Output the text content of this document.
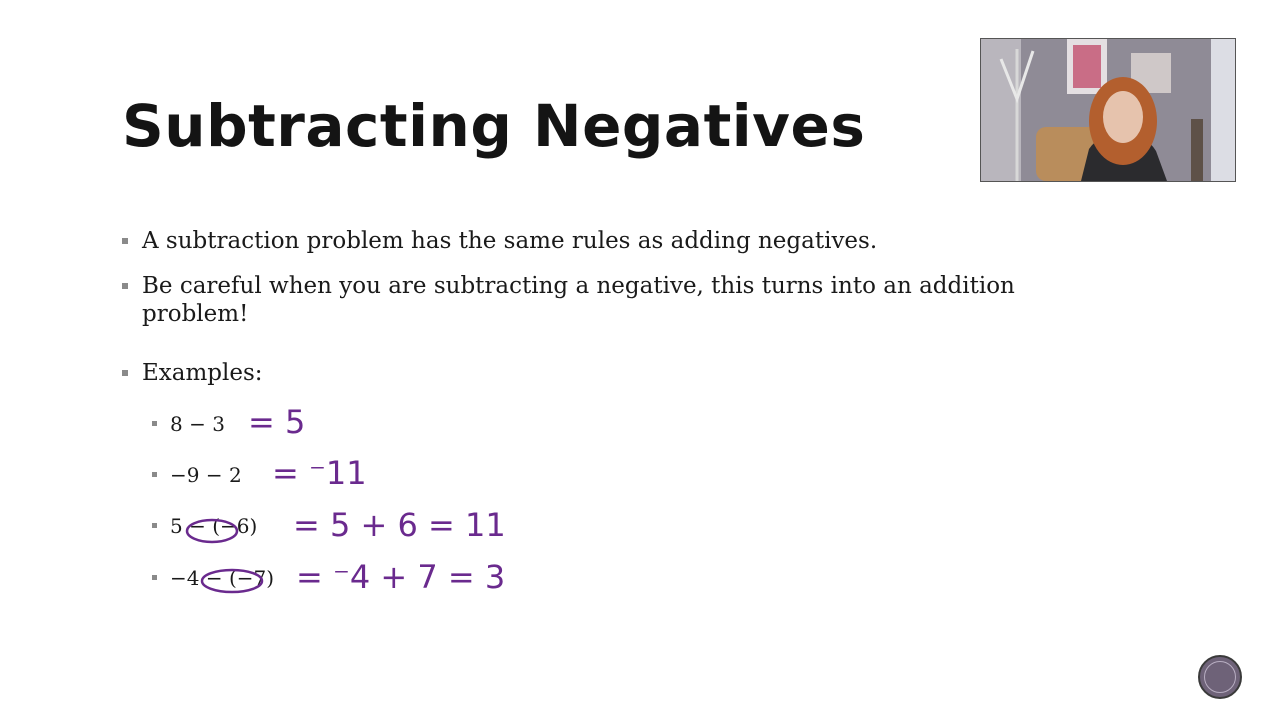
Subtracting Negatives
A subtraction problem has the same rules as adding negatives.
Be careful when you are subtracting a negative, this turns into an addition
problem!
Examples:
8 − 3
−9 − 2
5 − (−6)
−4 − (−7)
= 5
= ⁻11
= 5 + 6 = 11
= ⁻4 + 7 = 3
